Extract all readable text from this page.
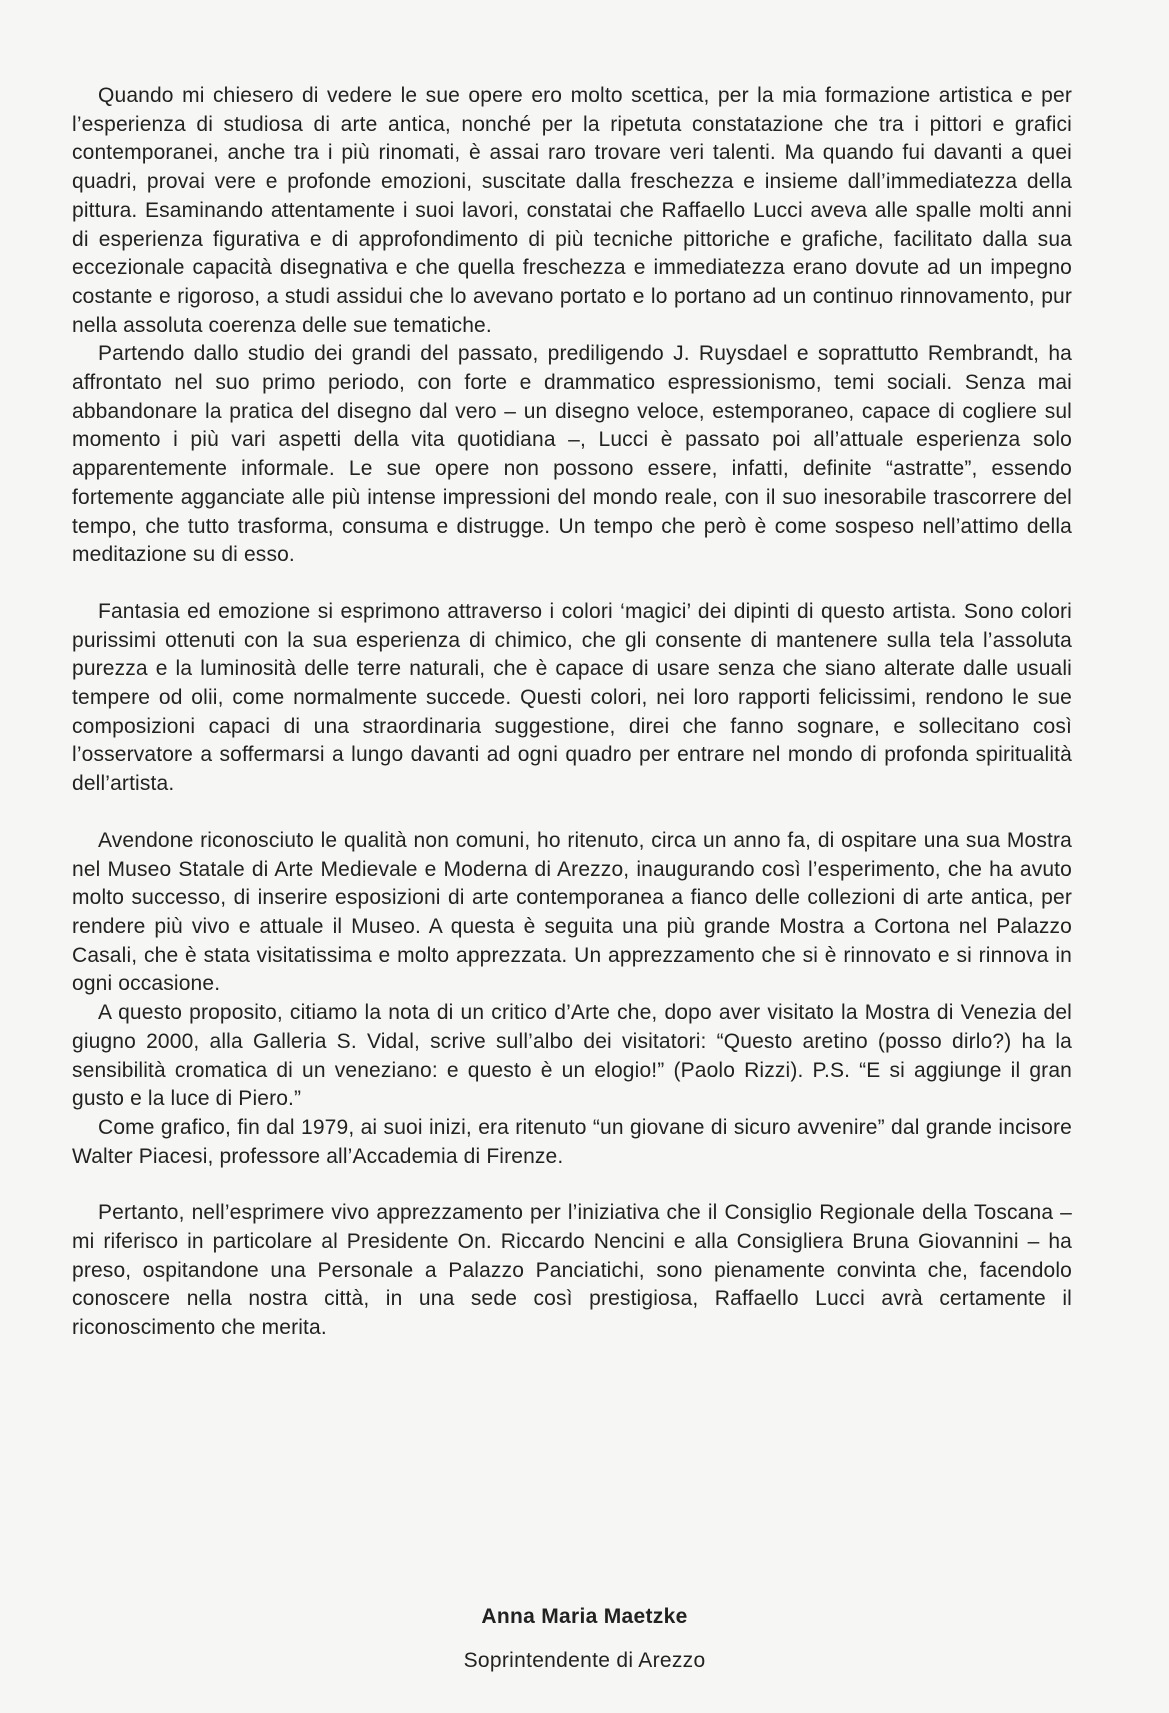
Quando mi chiesero di vedere le sue opere ero molto scettica, per la mia formazione artistica e per l’esperienza di studiosa di arte antica, nonché per la ripetuta constatazione che tra i pittori e grafici contemporanei, anche tra i più rinomati, è assai raro trovare veri talenti. Ma quando fui davanti a quei quadri, provai vere e profonde emozioni, suscitate dalla freschezza e insieme dall’immediatezza della pittura. Esaminando attentamente i suoi lavori, constatai che Raffaello Lucci aveva alle spalle molti anni di esperienza figurativa e di approfondimento di più tecniche pittoriche e grafiche, facilitato dalla sua eccezionale capacità disegnativa e che quella freschezza e immediatezza erano dovute ad un impegno costante e rigoroso, a studi assidui che lo avevano portato e lo portano ad un continuo rinnovamento, pur nella assoluta coerenza delle sue tematiche.

Partendo dallo studio dei grandi del passato, prediligendo J. Ruysdael e soprattutto Rembrandt, ha affrontato nel suo primo periodo, con forte e drammatico espressionismo, temi sociali. Senza mai abbandonare la pratica del disegno dal vero – un disegno veloce, estemporaneo, capace di cogliere sul momento i più vari aspetti della vita quotidiana –, Lucci è passato poi all’attuale esperienza solo apparentemente informale. Le sue opere non possono essere, infatti, definite “astratte”, essendo fortemente agganciate alle più intense impressioni del mondo reale, con il suo inesorabile trascorrere del tempo, che tutto trasforma, consuma e distrugge. Un tempo che però è come sospeso nell’attimo della meditazione su di esso.

Fantasia ed emozione si esprimono attraverso i colori ‘magici’ dei dipinti di questo artista. Sono colori purissimi ottenuti con la sua esperienza di chimico, che gli consente di mantenere sulla tela l’assoluta purezza e la luminosità delle terre naturali, che è capace di usare senza che siano alterate dalle usuali tempere od olii, come normalmente succede. Questi colori, nei loro rapporti felicissimi, rendono le sue composizioni capaci di una straordinaria suggestione, direi che fanno sognare, e sollecitano così l’osservatore a soffermarsi a lungo davanti ad ogni quadro per entrare nel mondo di profonda spiritualità dell’artista.

Avendone riconosciuto le qualità non comuni, ho ritenuto, circa un anno fa, di ospitare una sua Mostra nel Museo Statale di Arte Medievale e Moderna di Arezzo, inaugurando così l’esperimento, che ha avuto molto successo, di inserire esposizioni di arte contemporanea a fianco delle collezioni di arte antica, per rendere più vivo e attuale il Museo. A questa è seguita una più grande Mostra a Cortona nel Palazzo Casali, che è stata visitatissima e molto apprezzata. Un apprezzamento che si è rinnovato e si rinnova in ogni occasione.

A questo proposito, citiamo la nota di un critico d’Arte che, dopo aver visitato la Mostra di Venezia del giugno 2000, alla Galleria S. Vidal, scrive sull’albo dei visitatori: “Questo aretino (posso dirlo?) ha la sensibilità cromatica di un veneziano: e questo è un elogio!” (Paolo Rizzi). P.S. “E si aggiunge il gran gusto e la luce di Piero.”

Come grafico, fin dal 1979, ai suoi inizi, era ritenuto “un giovane di sicuro avvenire” dal grande incisore Walter Piacesi, professore all’Accademia di Firenze.

Pertanto, nell’esprimere vivo apprezzamento per l’iniziativa che il Consiglio Regionale della Toscana – mi riferisco in particolare al Presidente On. Riccardo Nencini e alla Consigliera Bruna Giovannini – ha preso, ospitandone una Personale a Palazzo Panciatichi, sono pienamente convinta che, facendolo conoscere nella nostra città, in una sede così prestigiosa, Raffaello Lucci avrà certamente il riconoscimento che merita.

Anna Maria Maetzke
Soprintendente di Arezzo
